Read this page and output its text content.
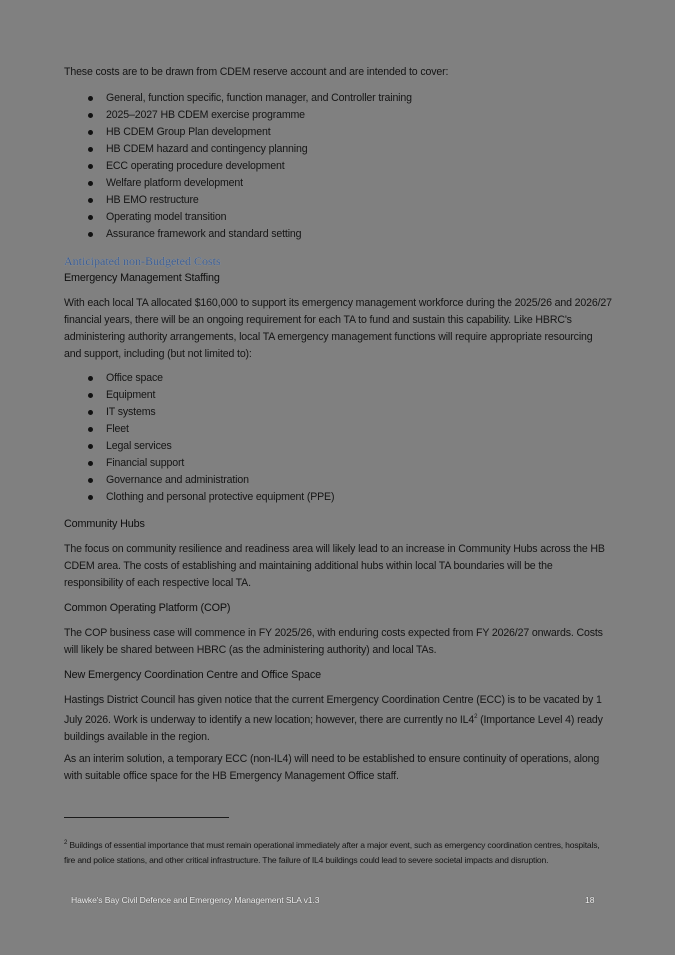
These costs are to be drawn from CDEM reserve account and are intended to cover:
General, function specific, function manager, and Controller training
2025–2027 HB CDEM exercise programme
HB CDEM Group Plan development
HB CDEM hazard and contingency planning
ECC operating procedure development
Welfare platform development
HB EMO restructure
Operating model transition
Assurance framework and standard setting
Anticipated non-Budgeted Costs
Emergency Management Staffing
With each local TA allocated $160,000 to support its emergency management workforce during the 2025/26 and 2026/27 financial years, there will be an ongoing requirement for each TA to fund and sustain this capability. Like HBRC's administering authority arrangements, local TA emergency management functions will require appropriate resourcing and support, including (but not limited to):
Office space
Equipment
IT systems
Fleet
Legal services
Financial support
Governance and administration
Clothing and personal protective equipment (PPE)
Community Hubs
The focus on community resilience and readiness area will likely lead to an increase in Community Hubs across the HB CDEM area. The costs of establishing and maintaining additional hubs within local TA boundaries will be the responsibility of each respective local TA.
Common Operating Platform (COP)
The COP business case will commence in FY 2025/26, with enduring costs expected from FY 2026/27 onwards. Costs will likely be shared between HBRC (as the administering authority) and local TAs.
New Emergency Coordination Centre and Office Space
Hastings District Council has given notice that the current Emergency Coordination Centre (ECC) is to be vacated by 1 July 2026. Work is underway to identify a new location; however, there are currently no IL4$^2$ (Importance Level 4) ready buildings available in the region.
As an interim solution, a temporary ECC (non-IL4) will need to be established to ensure continuity of operations, along with suitable office space for the HB Emergency Management Office staff.
$^2$ Buildings of essential importance that must remain operational immediately after a major event, such as emergency coordination centres, hospitals, fire and police stations, and other critical infrastructure. The failure of IL4 buildings could lead to severe societal impacts and disruption.
Hawke's Bay Civil Defence and Emergency Management SLA v1.3	18
